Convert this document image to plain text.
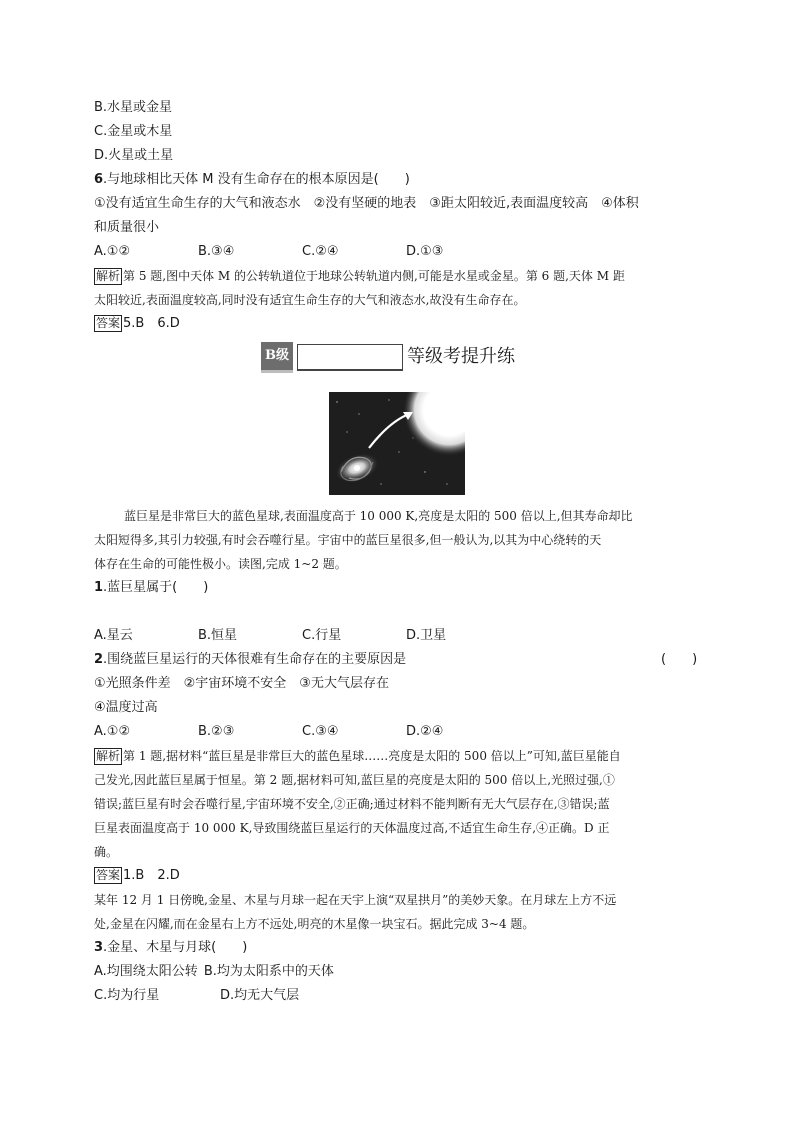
B.水星或金星
C.金星或木星
D.火星或土星
6.与地球相比天体 M 没有生命存在的根本原因是(　　)
①没有适宜生命生存的大气和液态水　②没有坚硬的地表　③距太阳较近,表面温度较高　④体积
和质量很小
A.①②	B.③④	C.②④	D.①③
解析 第 5 题,图中天体 M 的公转轨道位于地球公转轨道内侧,可能是水星或金星。第 6 题,天体 M 距
太阳较近,表面温度较高,同时没有适宜生命生存的大气和液态水,故没有生命存在。
答案 5.B　6.D
B级	等级考提升练
蓝巨星是非常巨大的蓝色星球,表面温度高于 10 000 K,亮度是太阳的 500 倍以上,但其寿命却比
太阳短得多,其引力较强,有时会吞噬行星。宇宙中的蓝巨星很多,但一般认为,以其为中心绕转的天
体存在生命的可能性极小。读图,完成 1~2 题。
1.蓝巨星属于(　　)
A.星云	B.恒星	C.行星	D.卫星
2.围绕蓝巨星运行的天体很难有生命存在的主要原因是	(　　)
①光照条件差　②宇宙环境不安全　③无大气层存在
④温度过高
A.①②	B.②③	C.③④	D.②④
解析 第 1 题,据材料“蓝巨星是非常巨大的蓝色星球……亮度是太阳的 500 倍以上”可知,蓝巨星能自
己发光,因此蓝巨星属于恒星。第 2 题,据材料可知,蓝巨星的亮度是太阳的 500 倍以上,光照过强,①
错误;蓝巨星有时会吞噬行星,宇宙环境不安全,②正确;通过材料不能判断有无大气层存在,③错误;蓝
巨星表面温度高于 10 000 K,导致围绕蓝巨星运行的天体温度过高,不适宜生命生存,④正确。D 正
确。
答案 1.B　2.D
某年 12 月 1 日傍晚,金星、木星与月球一起在天宇上演“双星拱月”的美妙天象。在月球左上方不远
处,金星在闪耀,而在金星右上方不远处,明亮的木星像一块宝石。据此完成 3~4 题。
3.金星、木星与月球(　　)
A.均围绕太阳公转 B.均为太阳系中的天体
C.均为行星	D.均无大气层
